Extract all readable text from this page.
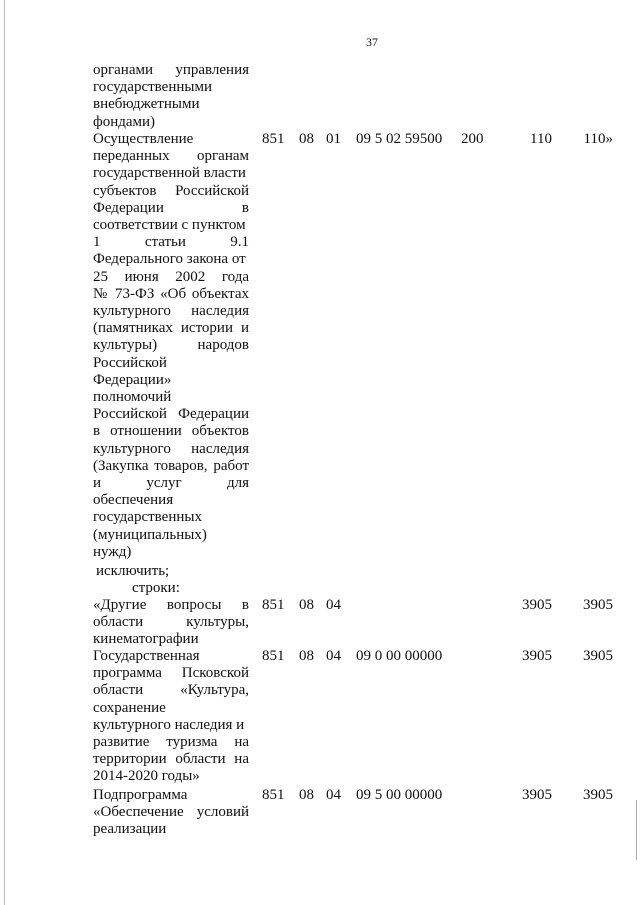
37
органами управления
государственными
внебюджетными
фондами)
Осуществление
переданных органам
государственной власти
субъектов Российской
Федерации в
соответствии с пунктом
1 статьи 9.1
Федерального закона от
25 июня 2002 года
№ 73-ФЗ «Об объектах
культурного наследия
(памятниках истории и
культуры) народов
Российской
Федерации»
полномочий
Российской Федерации
в отношении объектов
культурного наследия
(Закупка товаров, работ
и услуг для
обеспечения
государственных
(муниципальных)
нужд)
851 08 01 09 5 02 59500 200	110 110»
исключить;
строки:
«Другие вопросы в
области культуры,
кинематографии
851 08 04	3905 3905
Государственная
программа Псковской
области «Культура,
сохранение
культурного наследия и
развитие туризма на
территории области на
2014-2020 годы»
851 08 04 09 0 00 00000	3905 3905
Подпрограмма
«Обеспечение условий
реализации
851 08 04 09 5 00 00000	3905 3905
